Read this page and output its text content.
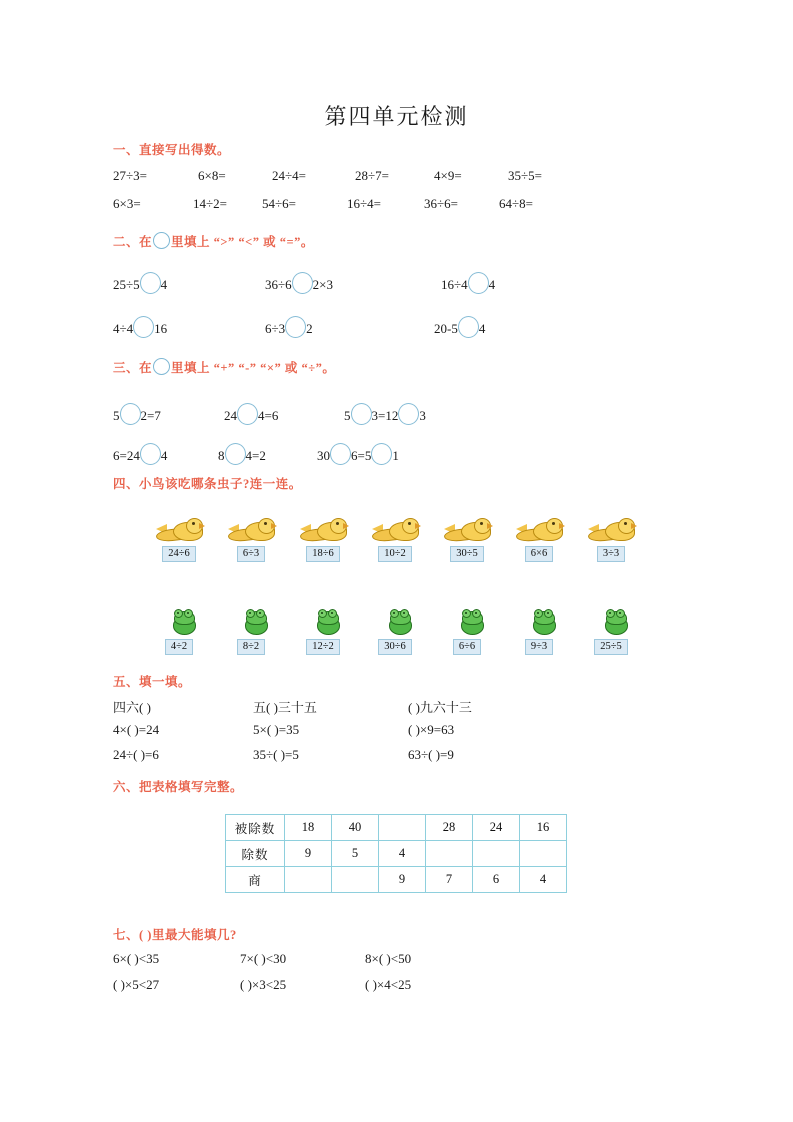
第四单元检测
一、直接写出得数。
27÷3=	6×8=	24÷4=	28÷7=	4×9=	35÷5=
6×3=	14÷2=	54÷6=	16÷4=	36÷6=	64÷8=
二、在 里填上 “>” “<” 或 “=”。
25÷5 4	36÷6 2×3	16÷4 4
4÷4 16	6÷3 2	20-5 4
三、在 里填上 “+” “-” “×” 或 “÷”。
5 2=7	24 4=6	5 3=12 3
6=24 4	8 4=2	30 6=5 1
四、小鸟该吃哪条虫子?连一连。
24÷6	6÷3	18÷6	10÷2	30÷5	6×6	3÷3
4÷2	8÷2	12÷2	30÷6	6÷6	9÷3	25÷5
五、填一填。
四六( )	五( )三十五	( )九六十三
4×( )=24	5×( )=35	( )×9=63
24÷( )=6	35÷( )=5	63÷( )=9
六、把表格填写完整。
被除数	18	40		28	24	16
除数	9	5	4			
商			9	7	6	4
七、( )里最大能填几?
6×( )<35	7×( )<30	8×( )<50
( )×5<27	( )×3<25	( )×4<25
